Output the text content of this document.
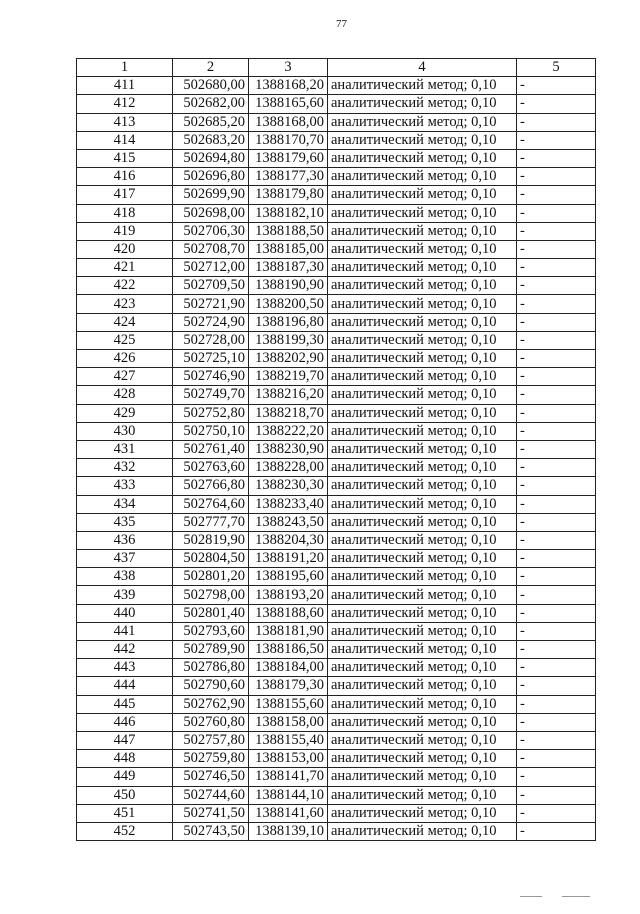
77
1	2	3	4	5
411	502680,00	1388168,20	аналитический метод; 0,10	-
412	502682,00	1388165,60	аналитический метод; 0,10	-
413	502685,20	1388168,00	аналитический метод; 0,10	-
414	502683,20	1388170,70	аналитический метод; 0,10	-
415	502694,80	1388179,60	аналитический метод; 0,10	-
416	502696,80	1388177,30	аналитический метод; 0,10	-
417	502699,90	1388179,80	аналитический метод; 0,10	-
418	502698,00	1388182,10	аналитический метод; 0,10	-
419	502706,30	1388188,50	аналитический метод; 0,10	-
420	502708,70	1388185,00	аналитический метод; 0,10	-
421	502712,00	1388187,30	аналитический метод; 0,10	-
422	502709,50	1388190,90	аналитический метод; 0,10	-
423	502721,90	1388200,50	аналитический метод; 0,10	-
424	502724,90	1388196,80	аналитический метод; 0,10	-
425	502728,00	1388199,30	аналитический метод; 0,10	-
426	502725,10	1388202,90	аналитический метод; 0,10	-
427	502746,90	1388219,70	аналитический метод; 0,10	-
428	502749,70	1388216,20	аналитический метод; 0,10	-
429	502752,80	1388218,70	аналитический метод; 0,10	-
430	502750,10	1388222,20	аналитический метод; 0,10	-
431	502761,40	1388230,90	аналитический метод; 0,10	-
432	502763,60	1388228,00	аналитический метод; 0,10	-
433	502766,80	1388230,30	аналитический метод; 0,10	-
434	502764,60	1388233,40	аналитический метод; 0,10	-
435	502777,70	1388243,50	аналитический метод; 0,10	-
436	502819,90	1388204,30	аналитический метод; 0,10	-
437	502804,50	1388191,20	аналитический метод; 0,10	-
438	502801,20	1388195,60	аналитический метод; 0,10	-
439	502798,00	1388193,20	аналитический метод; 0,10	-
440	502801,40	1388188,60	аналитический метод; 0,10	-
441	502793,60	1388181,90	аналитический метод; 0,10	-
442	502789,90	1388186,50	аналитический метод; 0,10	-
443	502786,80	1388184,00	аналитический метод; 0,10	-
444	502790,60	1388179,30	аналитический метод; 0,10	-
445	502762,90	1388155,60	аналитический метод; 0,10	-
446	502760,80	1388158,00	аналитический метод; 0,10	-
447	502757,80	1388155,40	аналитический метод; 0,10	-
448	502759,80	1388153,00	аналитический метод; 0,10	-
449	502746,50	1388141,70	аналитический метод; 0,10	-
450	502744,60	1388144,10	аналитический метод; 0,10	-
451	502741,50	1388141,60	аналитический метод; 0,10	-
452	502743,50	1388139,10	аналитический метод; 0,10	-
